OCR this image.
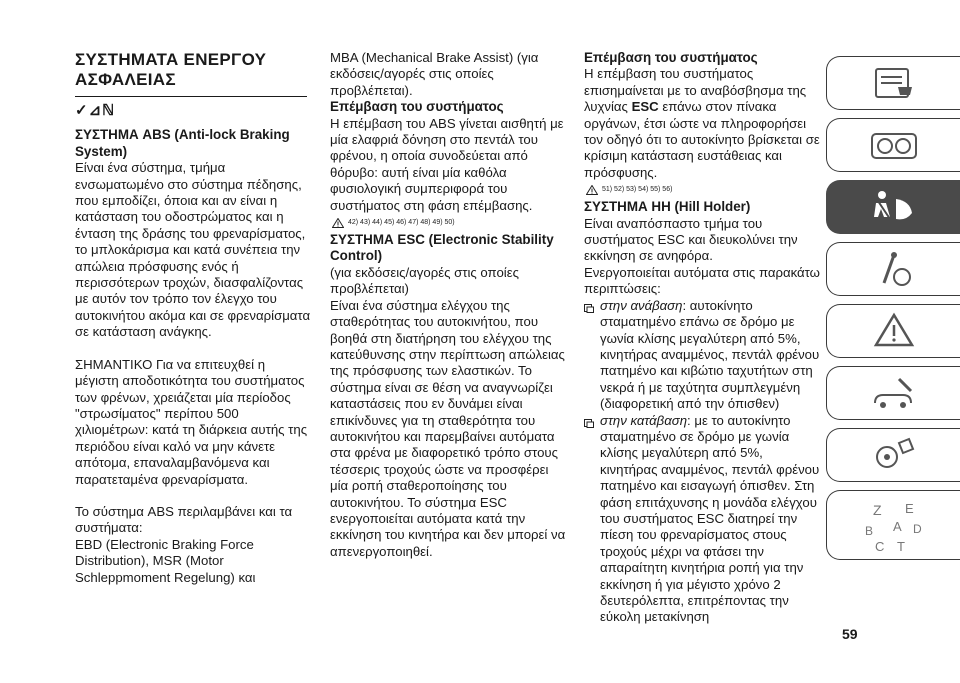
ΣΥΣΤΗΜΑΤΑ ΕΝΕΡΓΟΥ
ΑΣΦΑΛΕΙΑΣ
✓⊿ℕ
ΣΥΣΤΗΜΑ ABS (Anti-lock Braking System)

Είναι ένα σύστημα, τμήμα ενσωματωμένο στο σύστημα πέδησης, που εμποδίζει, όποια και αν είναι η κατάσταση του οδοστρώματος και η ένταση της δράσης του φρεναρίσματος, το μπλοκάρισμα και κατά συνέπεια την απώλεια πρόσφυσης ενός ή περισσότερων τροχών, διασφαλίζοντας με αυτόν τον τρόπο τον έλεγχο του αυτοκινήτου ακόμα και σε φρεναρίσματα σε κατάσταση ανάγκης.

ΣΗΜΑΝΤΙΚΟ Για να επιτευχθεί η μέγιστη αποδοτικότητα του συστήματος των φρένων, χρειάζεται μία περίοδος "στρωσίματος" περίπου 500 χιλιομέτρων: κατά τη διάρκεια αυτής της περιόδου είναι καλό να μην κάνετε απότομα, επαναλαμβανόμενα και παρατεταμένα φρεναρίσματα.

Το σύστημα ABS περιλαμβάνει και τα συστήματα:

EBD (Electronic Braking Force Distribution), MSR (Motor Schleppmoment Regelung) και

MBA (Mechanical Brake Assist) (για εκδόσεις/αγορές στις οποίες προβλέπεται).

Επέμβαση του συστήματος

Η επέμβαση του ABS γίνεται αισθητή με μία ελαφριά δόνηση στο πεντάλ του φρένου, η οποία συνοδεύεται από θόρυβο: αυτή είναι μία καθόλα φυσιολογική συμπεριφορά του συστήματος στη φάση επέμβασης.

42) 43) 44) 45) 46) 47) 48) 49) 50)
ΣΥΣΤΗΜΑ ESC (Electronic Stability Control)

(για εκδόσεις/αγορές στις οποίες προβλέπεται)

Είναι ένα σύστημα ελέγχου της σταθερότητας του αυτοκινήτου, που βοηθά στη διατήρηση του ελέγχου της κατεύθυνσης στην περίπτωση απώλειας της πρόσφυσης των ελαστικών. Το σύστημα είναι σε θέση να αναγνωρίζει καταστάσεις που εν δυνάμει είναι επικίνδυνες για τη σταθερότητα του αυτοκινήτου και παρεμβαίνει αυτόματα στα φρένα με διαφορετικό τρόπο στους τέσσερις τροχούς ώστε να προσφέρει μία ροπή σταθεροποίησης του αυτοκινήτου. Το σύστημα ESC ενεργοποιείται αυτόματα κατά την εκκίνηση του κινητήρα και δεν μπορεί να απενεργοποιηθεί.

Επέμβαση του συστήματος

Η επέμβαση του συστήματος επισημαίνεται με το αναβόσβησμα της λυχνίας ESC επάνω στον πίνακα οργάνων, έτσι ώστε να πληροφορήσει τον οδηγό ότι το αυτοκίνητο βρίσκεται σε κρίσιμη κατάσταση ευστάθειας και πρόσφυσης.

51) 52) 53) 54) 55) 56)
ΣΥΣΤΗΜΑ HH (Hill Holder)

Είναι αναπόσπαστο τμήμα του συστήματος ESC και διευκολύνει την εκκίνηση σε ανηφόρα.

Ενεργοποιείται αυτόματα στις παρακάτω περιπτώσεις:

στην ανάβαση: αυτοκίνητο σταματημένο επάνω σε δρόμο με γωνία κλίσης μεγαλύτερη από 5%, κινητήρας αναμμένος, πεντάλ φρένου πατημένο και κιβώτιο ταχυτήτων στη νεκρά ή με ταχύτητα συμπλεγμένη (διαφορετική από την όπισθεν)
στην κατάβαση: με το αυτοκίνητο σταματημένο σε δρόμο με γωνία κλίσης μεγαλύτερη από 5%, κινητήρας αναμμένος, πεντάλ φρένου πατημένο και εισαγωγή όπισθεν. Στη φάση επιτάχυνσης η μονάδα ελέγχου του συστήματος ESC διατηρεί την πίεση του φρεναρίσματος στους τροχούς μέχρι να φτάσει την απαραίτητη κινητήρια ροπή για την εκκίνηση ή για μέγιστο χρόνο 2 δευτερόλεπτα, επιτρέποντας την εύκολη μετακίνηση
Z E
A
B	D
C T
59
